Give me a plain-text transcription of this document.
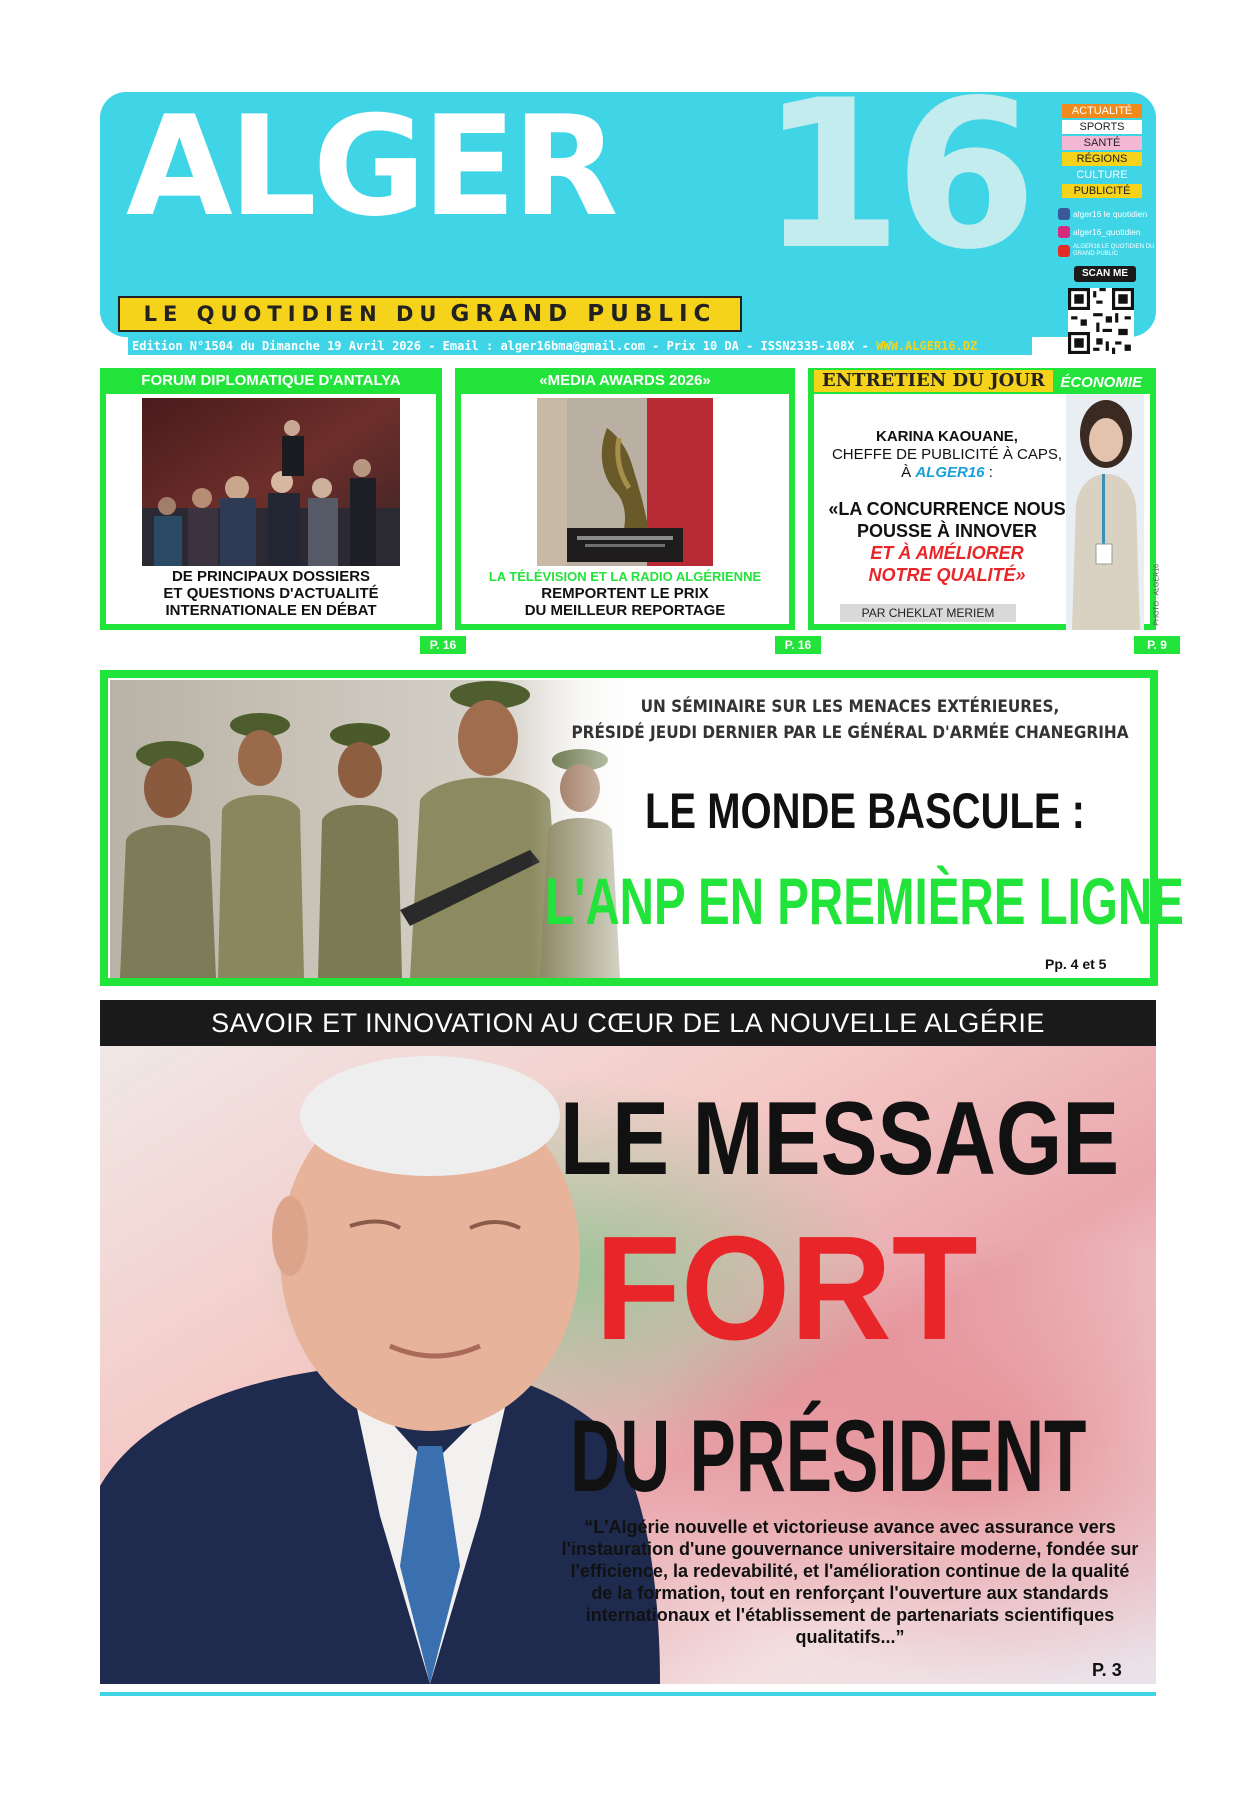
ALGER 16
LE QUOTIDIEN DU GRAND PUBLIC
Edition N°1504 du Dimanche 19 Avril 2026 - Email : alger16bma@gmail.com - Prix 10 DA - ISSN2335-108X - WWW.ALGER16.DZ
ACTUALITÉ
SPORTS
SANTÉ
RÉGIONS
CULTURE
PUBLICITÉ
alger16 le quotidien
alger16_quotidien
ALGER16 LE QUOTIDIEN DU GRAND PUBLIC
SCAN ME
FORUM DIPLOMATIQUE D'ANTALYA
DE PRINCIPAUX DOSSIERS
ET QUESTIONS D'ACTUALITÉ
INTERNATIONALE EN DÉBAT
P. 16
«MEDIA AWARDS 2026»
LA TÉLÉVISION ET LA RADIO ALGÉRIENNE
REMPORTENT LE PRIX
DU MEILLEUR REPORTAGE
P. 16
ENTRETIEN DU JOUR	ÉCONOMIE
KARINA KAOUANE,
CHEFFE DE PUBLICITÉ À CAPS,
À ALGER16 :
«LA CONCURRENCE NOUS
POUSSE À INNOVER
ET À AMÉLIORER
NOTRE QUALITÉ»
PAR CHEKLAT MERIEM	PHOTO : ALGER16
P. 9
UN SÉMINAIRE SUR LES MENACES EXTÉRIEURES,
PRÉSIDÉ JEUDI DERNIER PAR LE GÉNÉRAL D'ARMÉE CHANEGRIHA
LE MONDE BASCULE :
L'ANP EN PREMIÈRE LIGNE
Pp. 4 et 5
SAVOIR ET INNOVATION AU CŒUR DE LA NOUVELLE ALGÉRIE
LE MESSAGE
FORT
DU PRÉSIDENT
“L'Algérie nouvelle et victorieuse avance avec assurance vers l'instauration d'une gouvernance universitaire moderne, fondée sur l'efficience, la redevabilité, et l'amélioration continue de la qualité de la formation, tout en renforçant l'ouverture aux standards internationaux et l'établissement de partenariats scientifiques qualitatifs...”
P. 3
